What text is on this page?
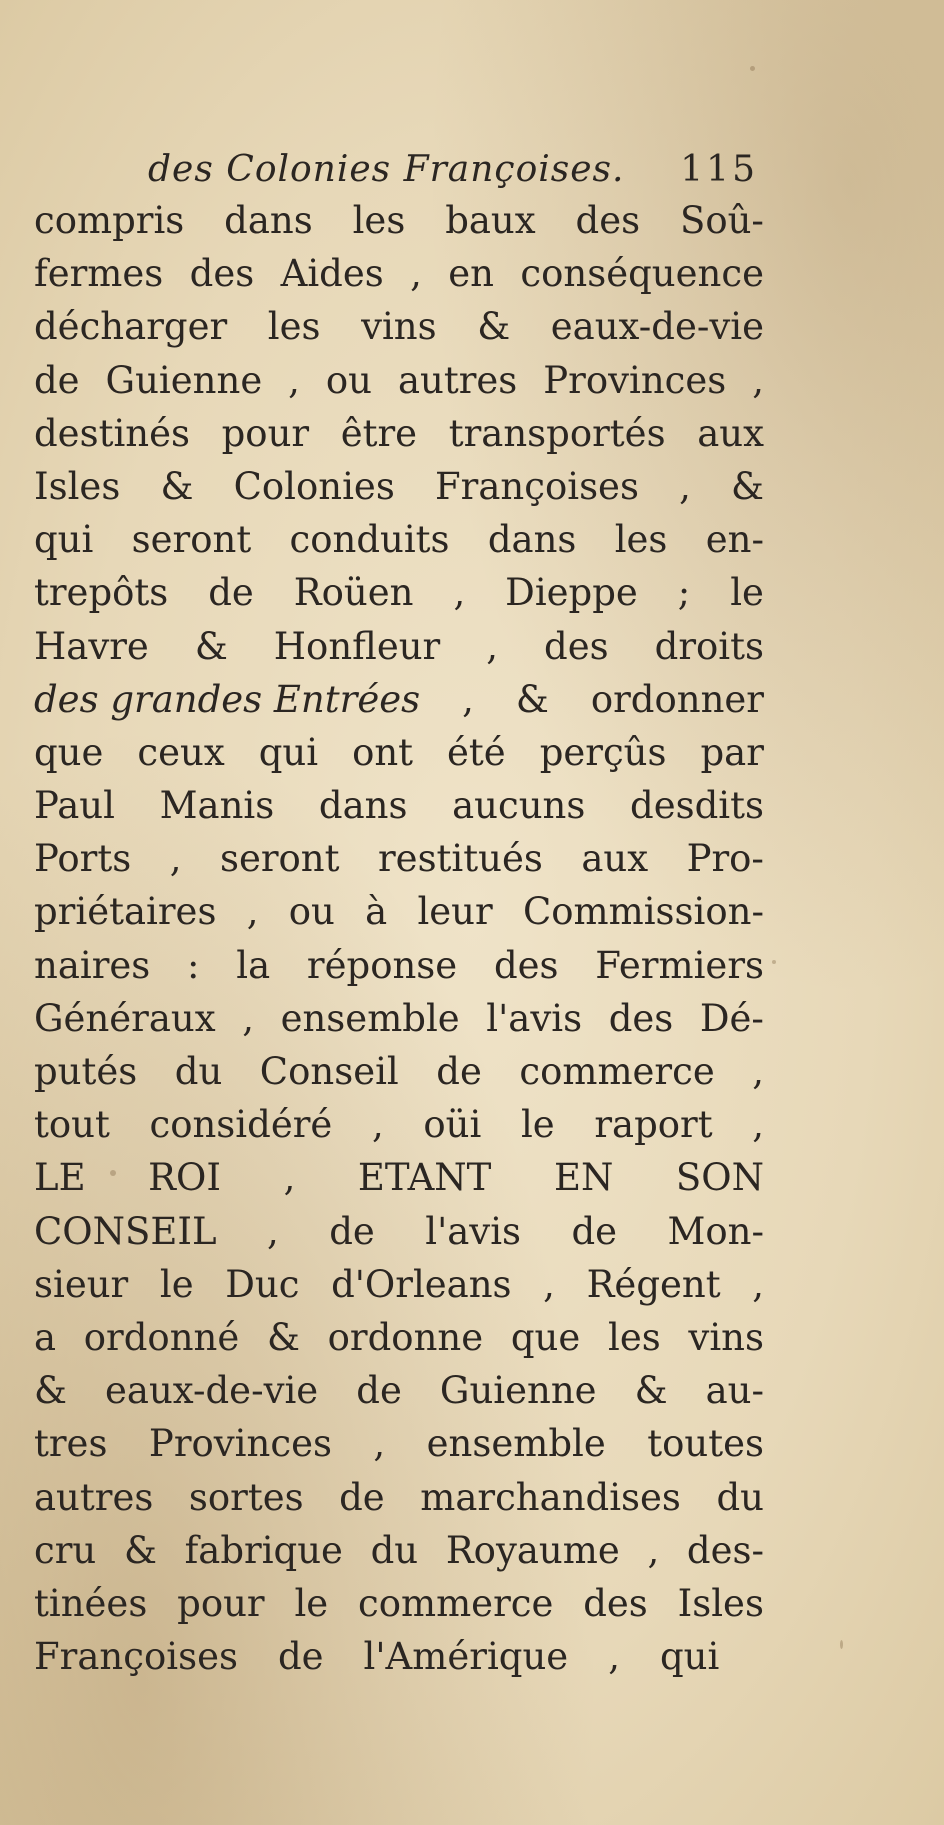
des Colonies Françoises. 115
compris dans les baux des Soû-
fermes des Aides , en conséquence
décharger les vins & eaux-de-vie
de Guienne , ou autres Provinces ,
destinés pour être transportés aux
Isles & Colonies Françoises , &
qui seront conduits dans les en-
trepôts de Roüen , Dieppe ; le
Havre & Honfleur , des droits
des grandes Entrées , & ordonner
que ceux qui ont été perçûs par
Paul Manis dans aucuns desdits
Ports , seront restitués aux Pro-
priétaires , ou à leur Commission-
naires : la réponse des Fermiers
Généraux , ensemble l'avis des Dé-
putés du Conseil de commerce ,
tout considéré , oüi le raport ,
LE ROI , ETANT EN SON
CONSEIL , de l'avis de Mon-
sieur le Duc d'Orleans , Régent ,
a ordonné & ordonne que les vins
& eaux-de-vie de Guienne & au-
tres Provinces , ensemble toutes
autres sortes de marchandises du
cru & fabrique du Royaume , des-
tinées pour le commerce des Isles
Françoises de l'Amérique , qui
